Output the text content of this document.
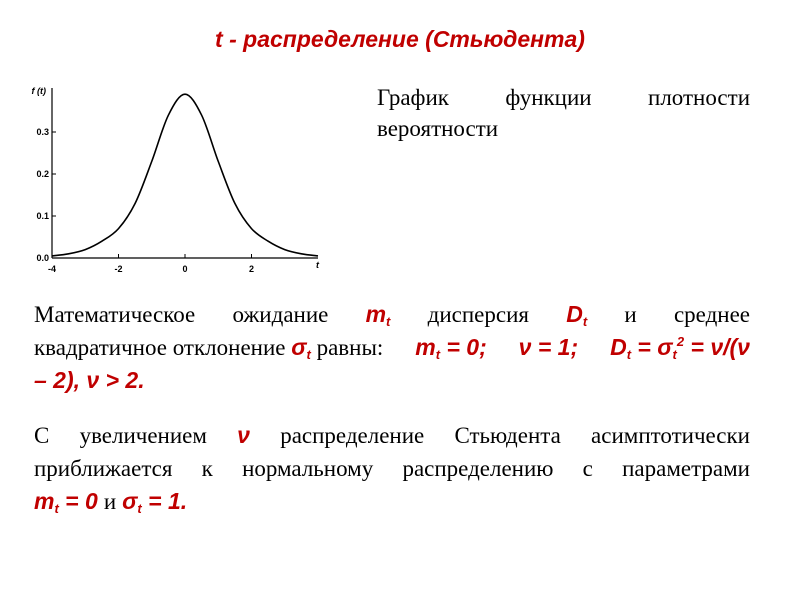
t - распределение (Стьюдента)
0.0
0.1
0.2
0.3
-4	-2	0	2
f (t)
t
График функции плотности
вероятности
Математическое ожидание $m_t$ дисперсия $D_t$ и среднее
квадратичное отклонение $\sigma_t$ равны: $m_t = 0$; ν = 1; $D_t = \sigma_t^2 = \nu/(\nu$
– 2), ν > 2.
С увеличением ν распределение Стьюдента асимптотически
приближается к нормальному распределению с параметрами
$m_t = 0$ и $\sigma_t = 1$.
